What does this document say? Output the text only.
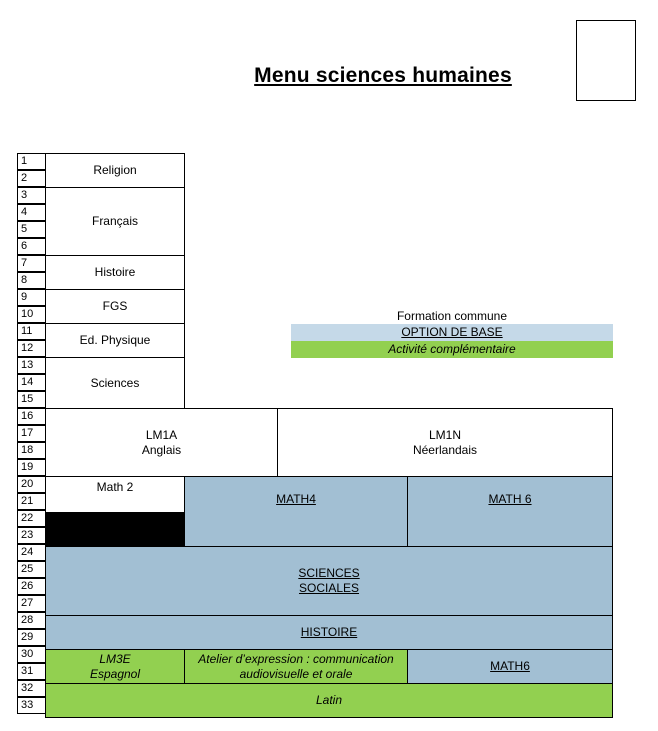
Menu sciences humaines
1
2
3
4
5
6
7
8
9
10
11
12
13
14
15
16
17
18
19
20
21
22
23
24
25
26
27
28
29
30
31
32
33
Religion
Français
Histoire
FGS
Ed. Physique
Sciences
Formation commune
OPTION DE BASE
Activité complémentaire
LM1A
Anglais
LM1N
Néerlandais
Math 2
MATH4	MATH 6
SCIENCES
SOCIALES
HISTOIRE
LM3E
Espagnol
Atelier d’expression : communication
audiovisuelle et orale
MATH6
Latin
